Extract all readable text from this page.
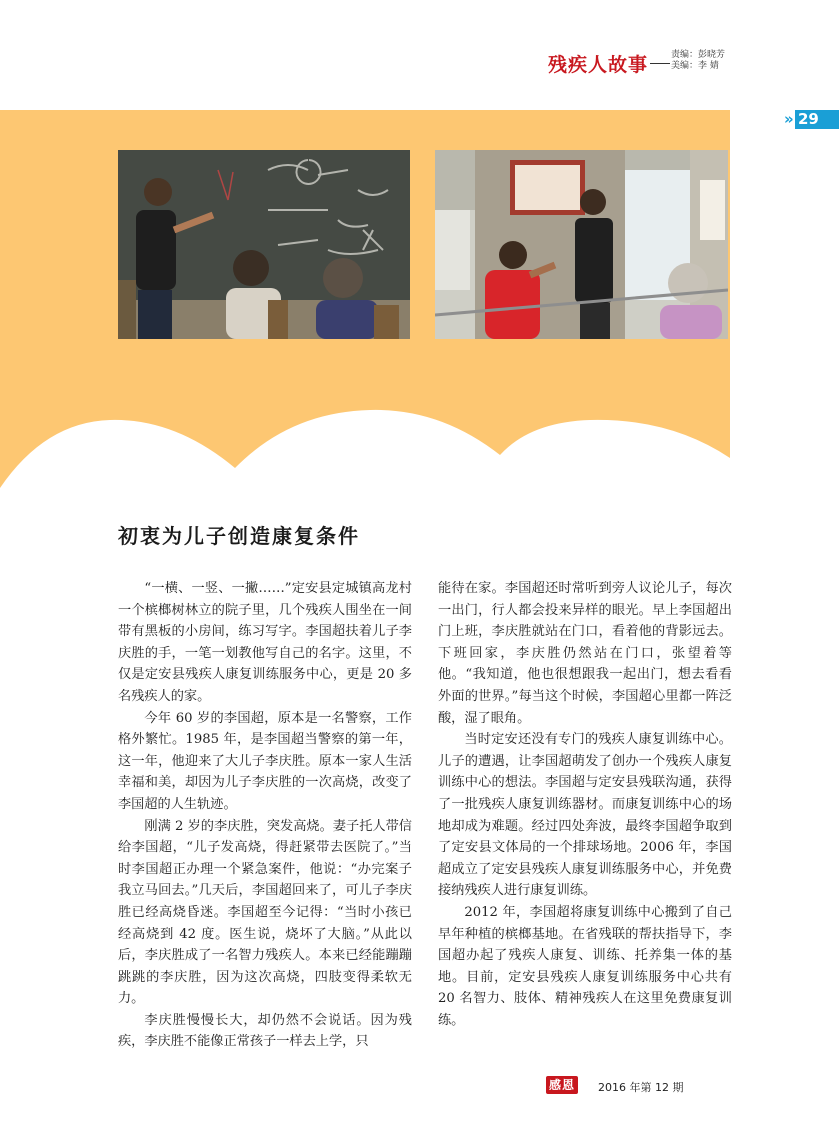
残疾人故事	责编：彭晓芳
美编：李 婧
» 29
初衷为儿子创造康复条件

“一横、一竖、一撇……”定安县定城镇高龙村一个槟榔树林立的院子里，几个残疾人围坐在一间带有黑板的小房间，练习写字。李国超扶着儿子李庆胜的手，一笔一划教他写自己的名字。这里，不仅是定安县残疾人康复训练服务中心，更是 20 多名残疾人的家。

今年 60 岁的李国超，原本是一名警察，工作格外繁忙。1985 年，是李国超当警察的第一年，这一年，他迎来了大儿子李庆胜。原本一家人生活幸福和美，却因为儿子李庆胜的一次高烧，改变了李国超的人生轨迹。

刚满 2 岁的李庆胜，突发高烧。妻子托人带信给李国超，“儿子发高烧，得赶紧带去医院了。”当时李国超正办理一个紧急案件，他说：“办完案子我立马回去。”几天后，李国超回来了，可儿子李庆胜已经高烧昏迷。李国超至今记得：“当时小孩已经高烧到 42 度。医生说，烧坏了大脑。”从此以后，李庆胜成了一名智力残疾人。本来已经能蹦蹦跳跳的李庆胜，因为这次高烧，四肢变得柔软无力。

李庆胜慢慢长大，却仍然不会说话。因为残疾，李庆胜不能像正常孩子一样去上学，只

能待在家。李国超还时常听到旁人议论儿子，每次一出门，行人都会投来异样的眼光。早上李国超出门上班，李庆胜就站在门口，看着他的背影远去。下班回家，李庆胜仍然站在门口，张望着等他。“我知道，他也很想跟我一起出门，想去看看外面的世界。”每当这个时候，李国超心里都一阵泛酸，湿了眼角。

当时定安还没有专门的残疾人康复训练中心。儿子的遭遇，让李国超萌发了创办一个残疾人康复训练中心的想法。李国超与定安县残联沟通，获得了一批残疾人康复训练器材。而康复训练中心的场地却成为难题。经过四处奔波，最终李国超争取到了定安县文体局的一个排球场地。2006 年，李国超成立了定安县残疾人康复训练服务中心，并免费接纳残疾人进行康复训练。

2012 年，李国超将康复训练中心搬到了自己早年种植的槟榔基地。在省残联的帮扶指导下，李国超办起了残疾人康复、训练、托养集一体的基地。目前，定安县残疾人康复训练服务中心共有 20 名智力、肢体、精神残疾人在这里免费康复训练。

感恩 2016 年第 12 期
